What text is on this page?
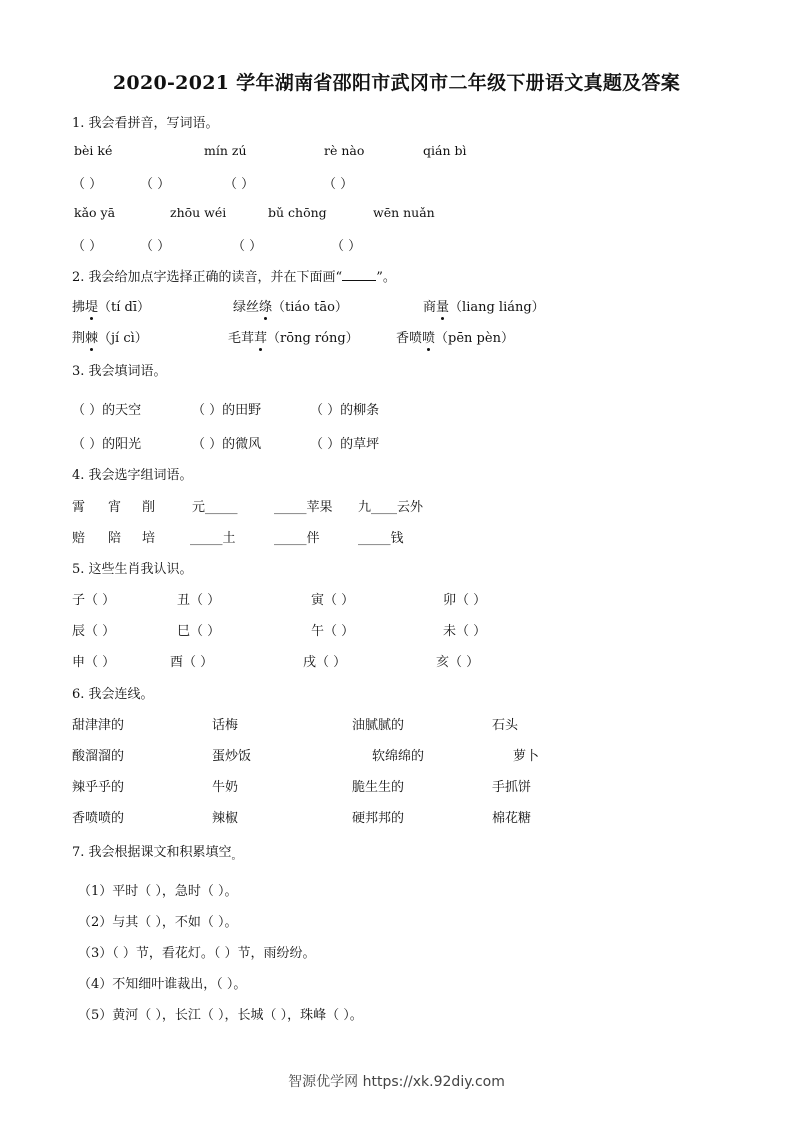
2020-2021 学年湖南省邵阳市武冈市二年级下册语文真题及答案
1. 我会看拼音，写词语。
bèi ké	mín zú	rè nào	qián bì
（ ）	（ ）	（ ）	（ ）
kǎo yā	zhōu wéi	bǔ chōng	wēn nuǎn
（ ）	（ ）	（ ）	（ ）
2. 我会给加点字选择正确的读音，并在下面画“	”。
拂堤（tí dī）	绿丝绦（tiáo tāo）	商量（liang liáng）
荆棘（jí cì）	毛茸茸（rōng róng）	香喷喷（pēn pèn）
3. 我会填词语。
（ ）的天空	（ ）的田野	（ ）的柳条
（ ）的阳光	（ ）的微风	（ ）的草坪
4. 我会选字组词语。
霄 宵 削	元_____	_____苹果 九____云外
赔 陪 培	_____土	_____伴	_____钱
5. 这些生肖我认识。
子（ ）	丑（ ）	寅（ ）	卯（ ）
辰（ ）	巳（ ）	午（ ）	未（ ）
申（ ）	酉（ ）	戌（ ）	亥（ ）
6. 我会连线。
甜津津的	话梅	油腻腻的	石头
酸溜溜的	蛋炒饭	软绵绵的	萝卜
辣乎乎的	牛奶	脆生生的	手抓饼
香喷喷的	辣椒	硬邦邦的	棉花糖
7. 我会根据课文和积累填空$_。$
（1）平时（ ），急时（ ）。
（2）与其（ ），不如（ ）。
（3）（ ）节，看花灯。（ ）节，雨纷纷。
（4）不知细叶谁裁出，（ ）。
（5）黄河（ ），长江（ ），长城（ ），珠峰（ ）。
智源优学网 https://xk.92diy.com
